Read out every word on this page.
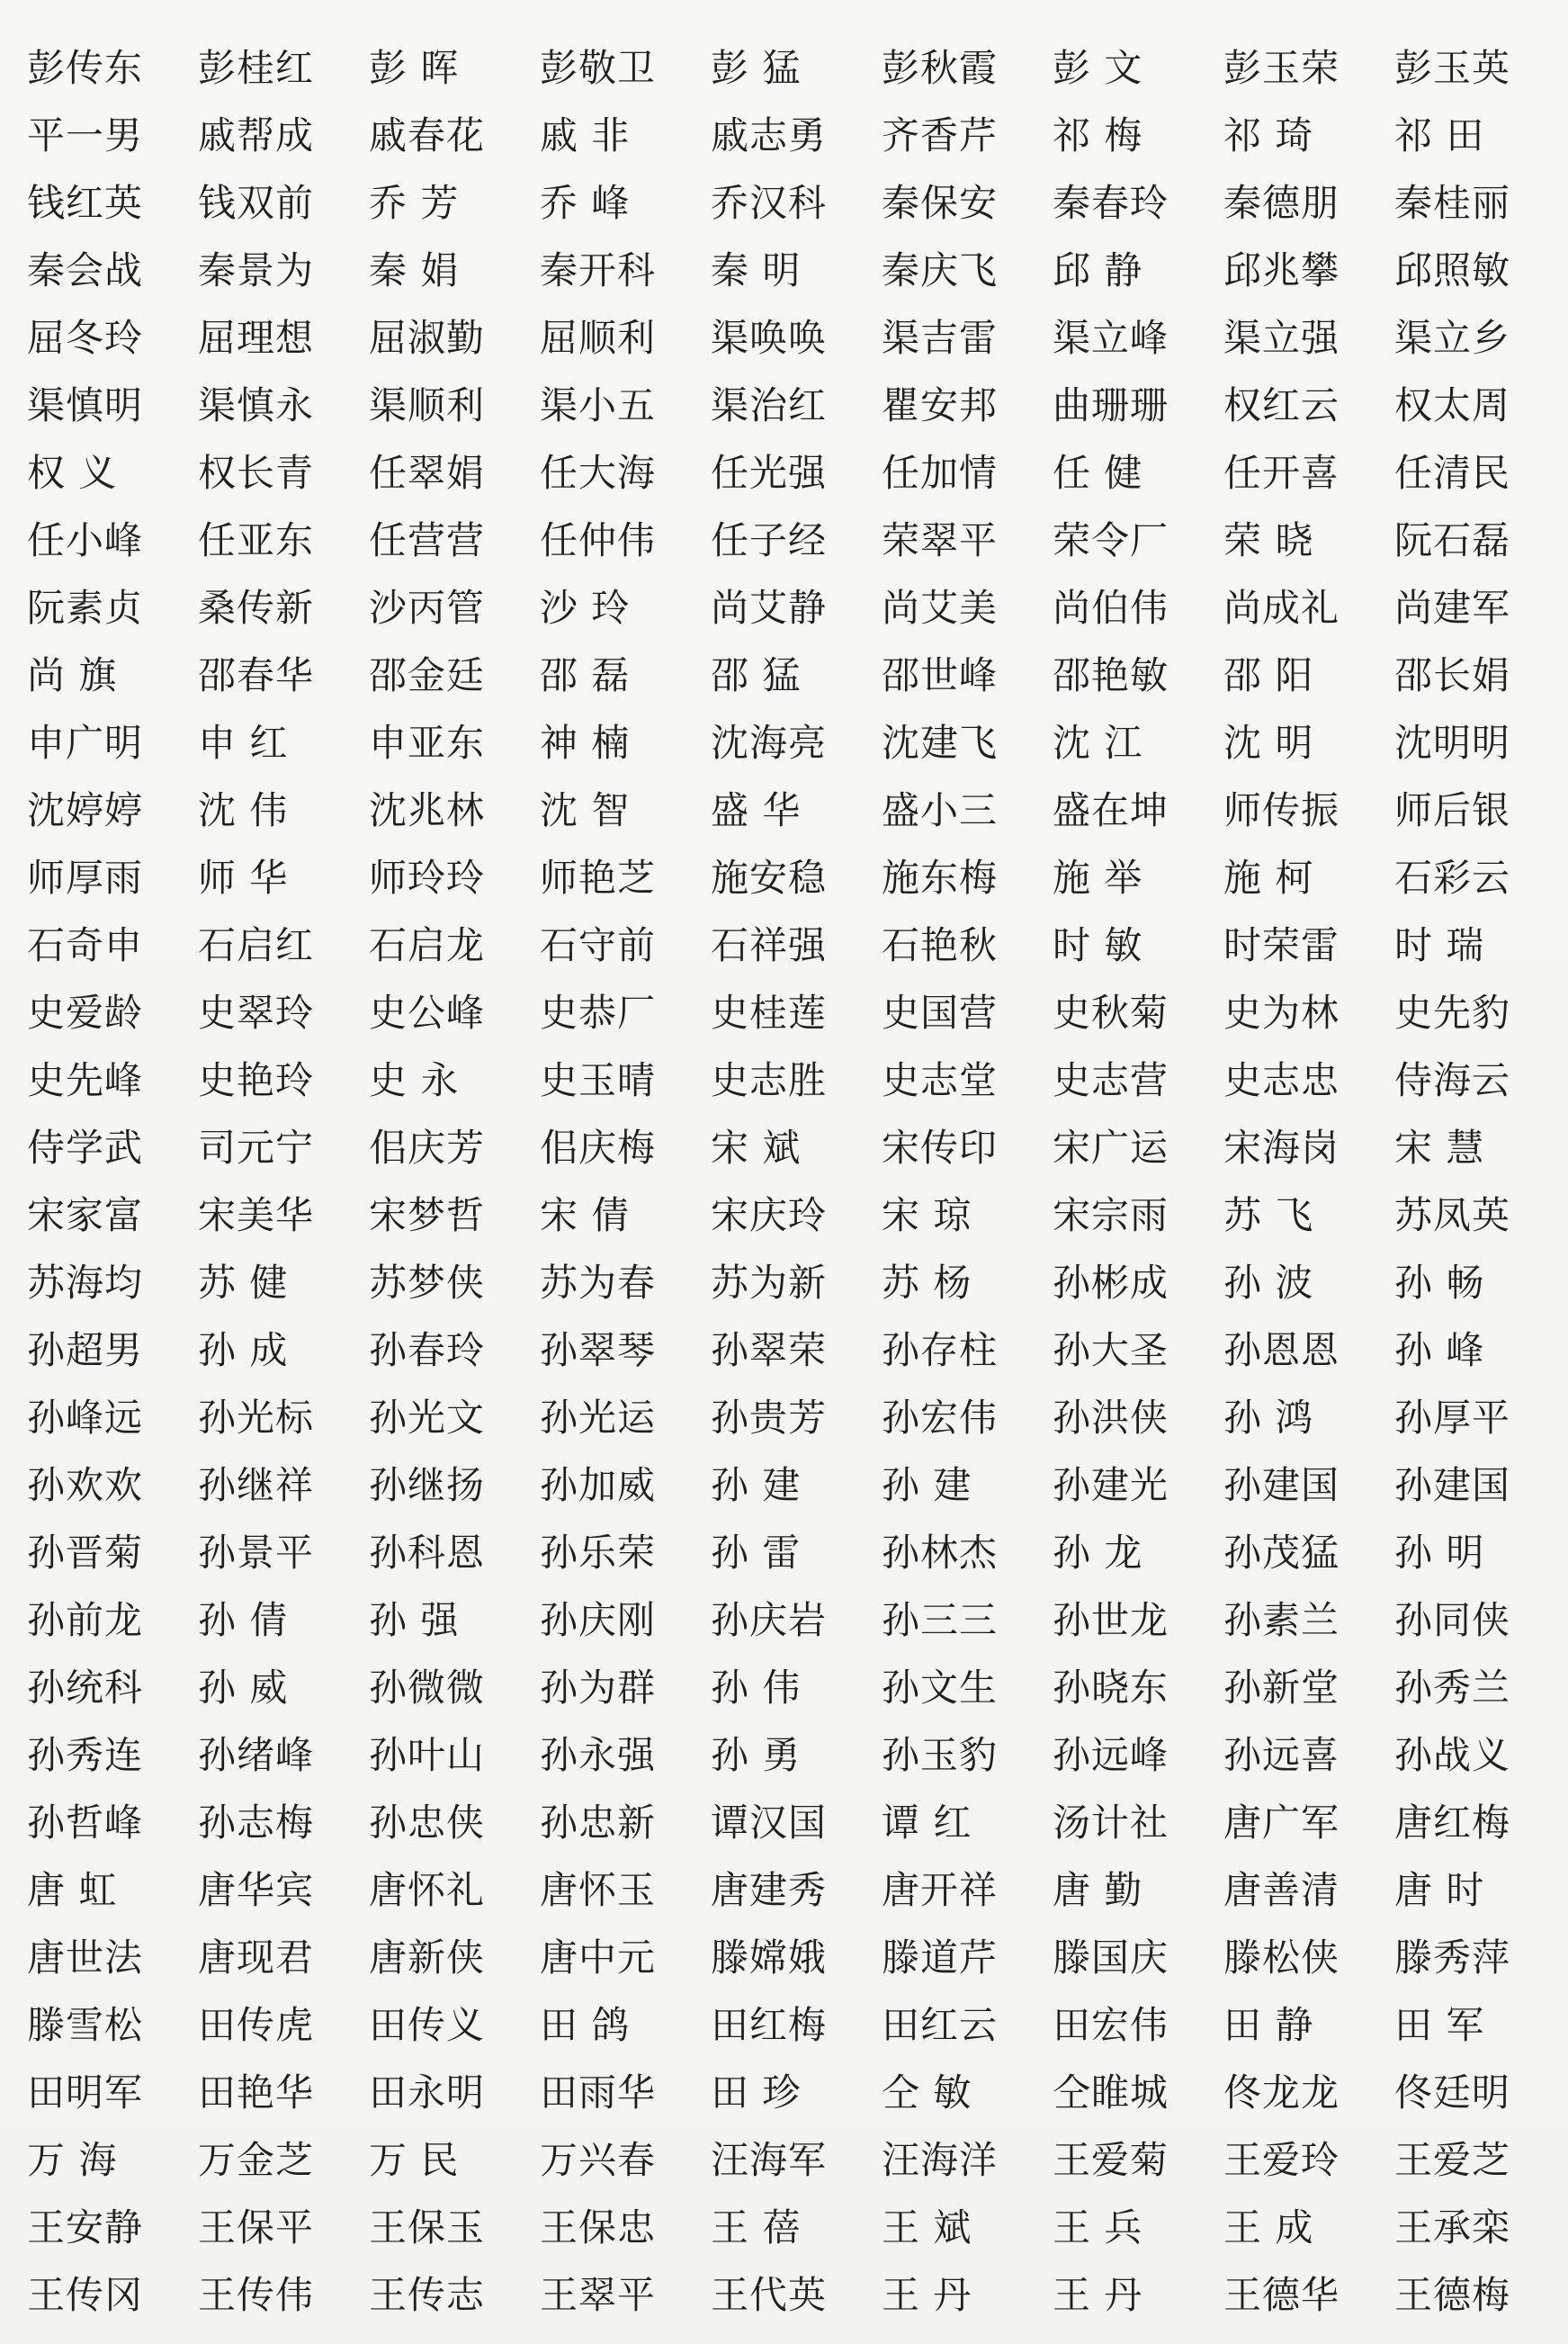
彭传东	彭桂红	彭 晖	彭敬卫	彭 猛	彭秋霞	彭 文	彭玉荣	彭玉英
平一男	戚帮成	戚春花	戚 非	戚志勇	齐香芹	祁 梅	祁 琦	祁 田
钱红英	钱双前	乔 芳	乔 峰	乔汉科	秦保安	秦春玲	秦德朋	秦桂丽
秦会战	秦景为	秦 娟	秦开科	秦 明	秦庆飞	邱 静	邱兆攀	邱照敏
屈冬玲	屈理想	屈淑勤	屈顺利	渠唤唤	渠吉雷	渠立峰	渠立强	渠立乡
渠慎明	渠慎永	渠顺利	渠小五	渠治红	瞿安邦	曲珊珊	权红云	权太周
权 义	权长青	任翠娟	任大海	任光强	任加情	任 健	任开喜	任清民
任小峰	任亚东	任营营	任仲伟	任子经	荣翠平	荣令厂	荣 晓	阮石磊
阮素贞	桑传新	沙丙管	沙 玲	尚艾静	尚艾美	尚伯伟	尚成礼	尚建军
尚 旗	邵春华	邵金廷	邵 磊	邵 猛	邵世峰	邵艳敏	邵 阳	邵长娟
申广明	申 红	申亚东	神 楠	沈海亮	沈建飞	沈 江	沈 明	沈明明
沈婷婷	沈 伟	沈兆林	沈 智	盛 华	盛小三	盛在坤	师传振	师后银
师厚雨	师 华	师玲玲	师艳芝	施安稳	施东梅	施 举	施 柯	石彩云
石奇申	石启红	石启龙	石守前	石祥强	石艳秋	时 敏	时荣雷	时 瑞
史爱龄	史翠玲	史公峰	史恭厂	史桂莲	史国营	史秋菊	史为林	史先豹
史先峰	史艳玲	史 永	史玉晴	史志胜	史志堂	史志营	史志忠	侍海云
侍学武	司元宁	佀庆芳	佀庆梅	宋 斌	宋传印	宋广运	宋海岗	宋 慧
宋家富	宋美华	宋梦哲	宋 倩	宋庆玲	宋 琼	宋宗雨	苏 飞	苏凤英
苏海均	苏 健	苏梦侠	苏为春	苏为新	苏 杨	孙彬成	孙 波	孙 畅
孙超男	孙 成	孙春玲	孙翠琴	孙翠荣	孙存柱	孙大圣	孙恩恩	孙 峰
孙峰远	孙光标	孙光文	孙光运	孙贵芳	孙宏伟	孙洪侠	孙 鸿	孙厚平
孙欢欢	孙继祥	孙继扬	孙加威	孙 建	孙 建	孙建光	孙建国	孙建国
孙晋菊	孙景平	孙科恩	孙乐荣	孙 雷	孙林杰	孙 龙	孙茂猛	孙 明
孙前龙	孙 倩	孙 强	孙庆刚	孙庆岩	孙三三	孙世龙	孙素兰	孙同侠
孙统科	孙 威	孙微微	孙为群	孙 伟	孙文生	孙晓东	孙新堂	孙秀兰
孙秀连	孙绪峰	孙叶山	孙永强	孙 勇	孙玉豹	孙远峰	孙远喜	孙战义
孙哲峰	孙志梅	孙忠侠	孙忠新	谭汉国	谭 红	汤计社	唐广军	唐红梅
唐 虹	唐华宾	唐怀礼	唐怀玉	唐建秀	唐开祥	唐 勤	唐善清	唐 时
唐世法	唐现君	唐新侠	唐中元	滕嫦娥	滕道芹	滕国庆	滕松侠	滕秀萍
滕雪松	田传虎	田传义	田 鸽	田红梅	田红云	田宏伟	田 静	田 军
田明军	田艳华	田永明	田雨华	田 珍	仝 敏	仝睢城	佟龙龙	佟廷明
万 海	万金芝	万 民	万兴春	汪海军	汪海洋	王爱菊	王爱玲	王爱芝
王安静	王保平	王保玉	王保忠	王 蓓	王 斌	王 兵	王 成	王承栾
王传冈	王传伟	王传志	王翠平	王代英	王 丹	王 丹	王德华	王德梅
